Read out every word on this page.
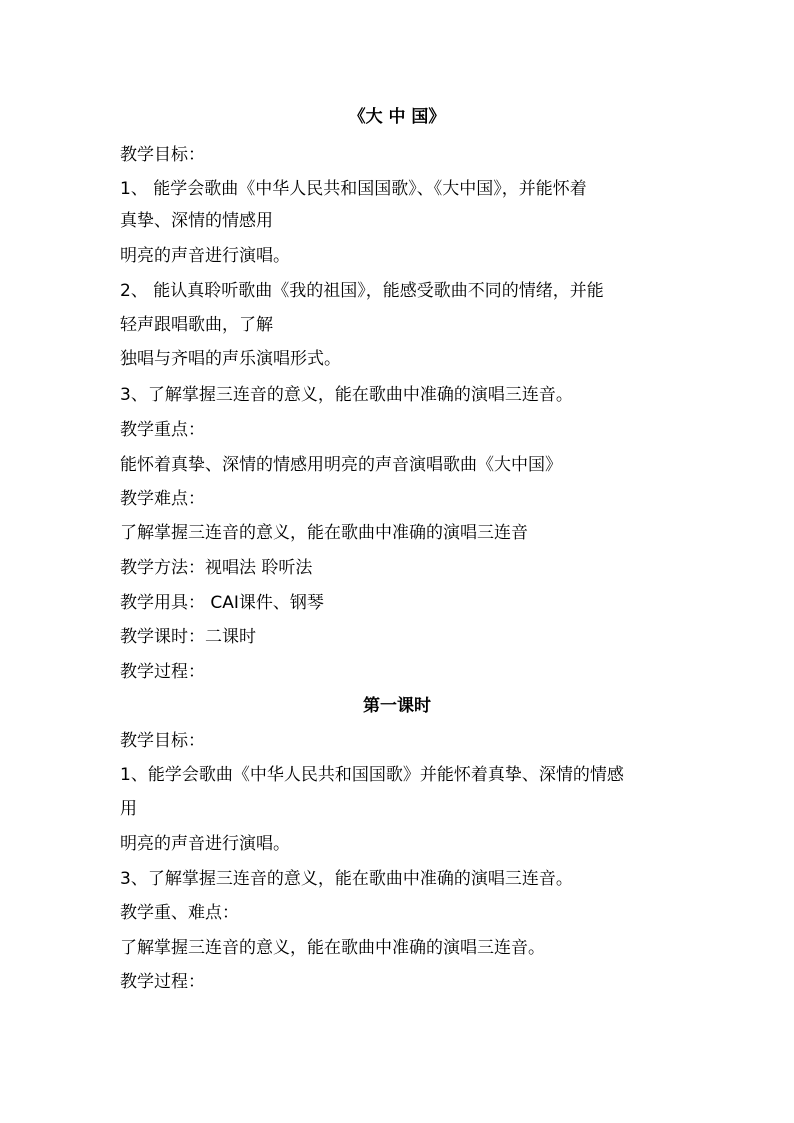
《大 中 国》
教学目标：
1、 能学会歌曲《中华人民共和国国歌》、《大中国》，并能怀着
真挚、深情的情感用
明亮的声音进行演唱。
2、 能认真聆听歌曲《我的祖国》，能感受歌曲不同的情绪，并能
轻声跟唱歌曲，了解
独唱与齐唱的声乐演唱形式。
3、了解掌握三连音的意义，能在歌曲中准确的演唱三连音。
教学重点：
能怀着真挚、深情的情感用明亮的声音演唱歌曲《大中国》
教学难点：
了解掌握三连音的意义，能在歌曲中准确的演唱三连音
教学方法：视唱法 聆听法
教学用具： CAI课件、钢琴
教学课时：二课时
教学过程：
第一课时
教学目标：
1、能学会歌曲《中华人民共和国国歌》并能怀着真挚、深情的情感
用
明亮的声音进行演唱。
3、了解掌握三连音的意义，能在歌曲中准确的演唱三连音。
教学重、难点：
了解掌握三连音的意义，能在歌曲中准确的演唱三连音。
教学过程：
